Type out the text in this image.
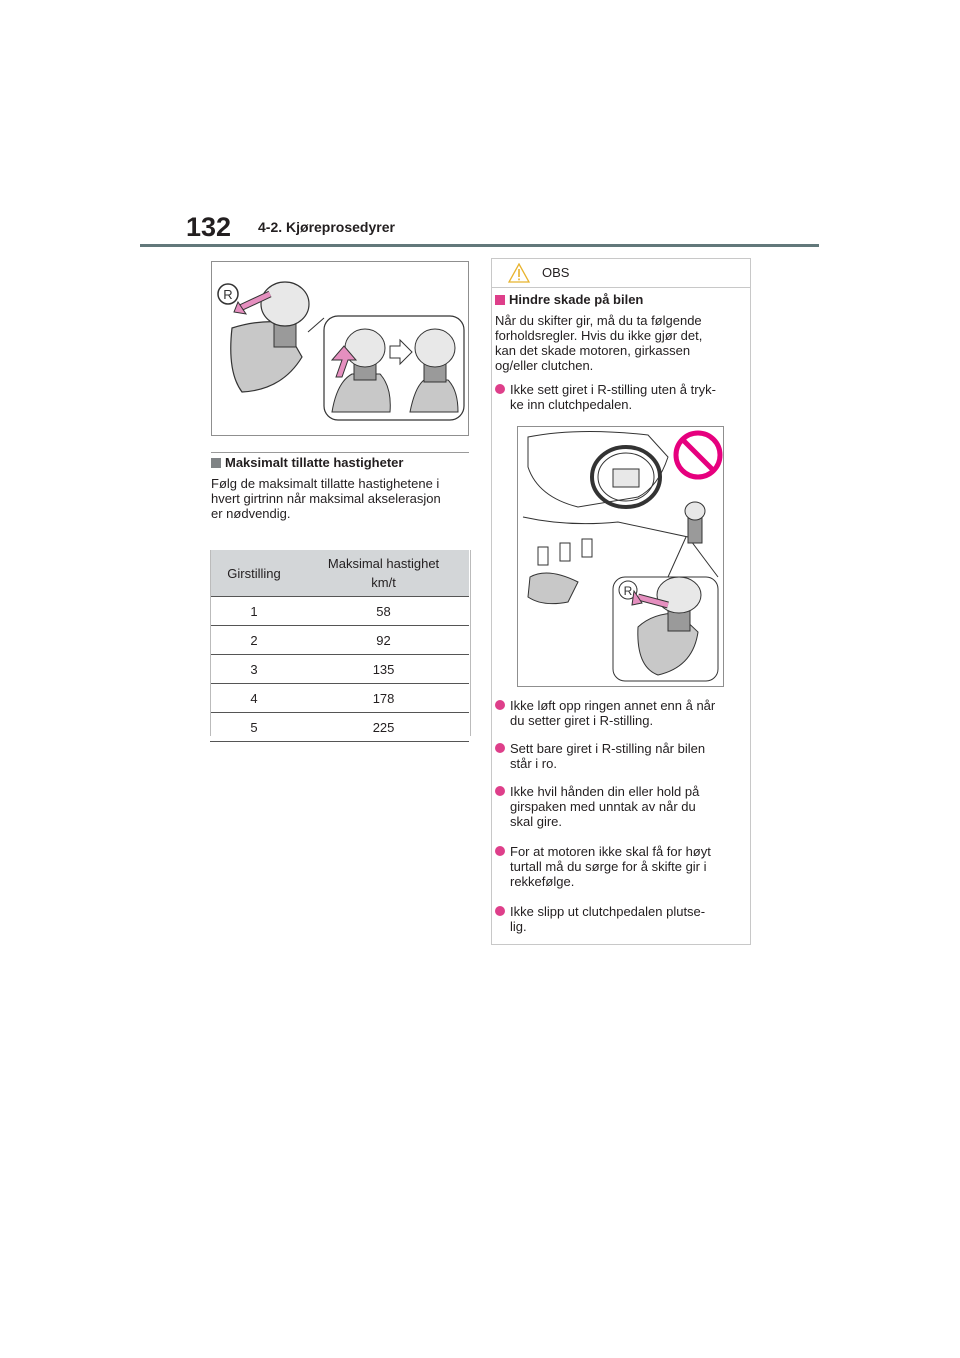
132 4-2. Kjøreprosedyrer
R
Maksimalt tillatte hastigheter
Følg de maksimalt tillatte hastighetene i
hvert girtrinn når maksimal akselerasjon
er nødvendig.
Girstilling	Maksimal hastighet
km/t

1	58
2	92
3	135
4	178
5	225
OBS
Hindre skade på bilen
Når du skifter gir, må du ta følgende
forholdsregler. Hvis du ikke gjør det,
kan det skade motoren, girkassen
og/eller clutchen.
Ikke sett giret i R-stilling uten å tryk-
ke inn clutchpedalen.
R
Ikke løft opp ringen annet enn å når
du setter giret i R-stilling.
Sett bare giret i R-stilling når bilen
står i ro.
Ikke hvil hånden din eller hold på
girspaken med unntak av når du
skal gire.
For at motoren ikke skal få for høyt
turtall må du sørge for å skifte gir i
rekkefølge.
Ikke slipp ut clutchpedalen plutse-
lig.
